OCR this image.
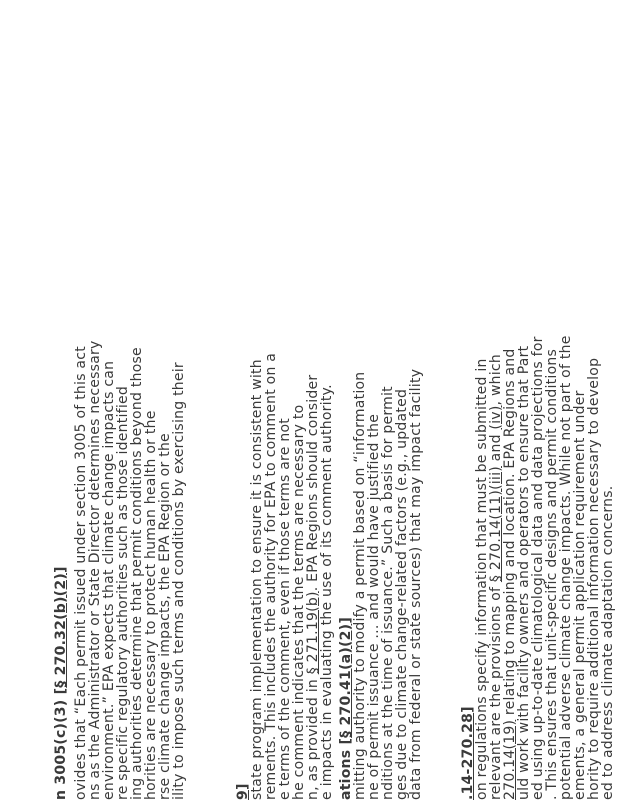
n 3005(c)(3) [§ 270.32(b)(2)] ovides that “Each permit issued under section 3005 of this act
ns as the Administrator or State Director determines necessary
environment.” EPA expects that climate change impacts can
re specific regulatory authorities such as those identified
ing authorities determine that permit conditions beyond those
horities are necessary to protect human health or the
rse climate change impacts, the EPA Region or the
ility to impose such terms and conditions by exercising their	9]
state program implementation to ensure it is consistent with
rements. This includes the authority for EPA to comment on a
e terms of the comment, even if those terms are not
he comment indicates that the terms are necessary to
n, as provided in § 271.19(b). EPA Regions should consider
e impacts in evaluating the use of its comment authority. ations [§ 270.41(a)(2)]
mitting authority to modify a permit based on “information
ne of permit issuance ... and would have justified the
nditions at the time of issuance.” Such a basis for permit
ges due to climate change-related factors (e.g., updated
data from federal or state sources) that may impact facility	.14-270.28]
on regulations specify information that must be submitted in
relevant are the provisions of § 270.14(11)(iii) and (iv), which
270.14(19) relating to mapping and location. EPA Regions and
uld work with facility owners and operators to ensure that Part
ed using up-to-date climatological data and data projections for
. This ensures that unit-specific designs and permit conditions
potential adverse climate change impacts. While not part of the
ements, a general permit application requirement under
hority to require additional information necessary to develop
ed to address climate adaptation concerns.
